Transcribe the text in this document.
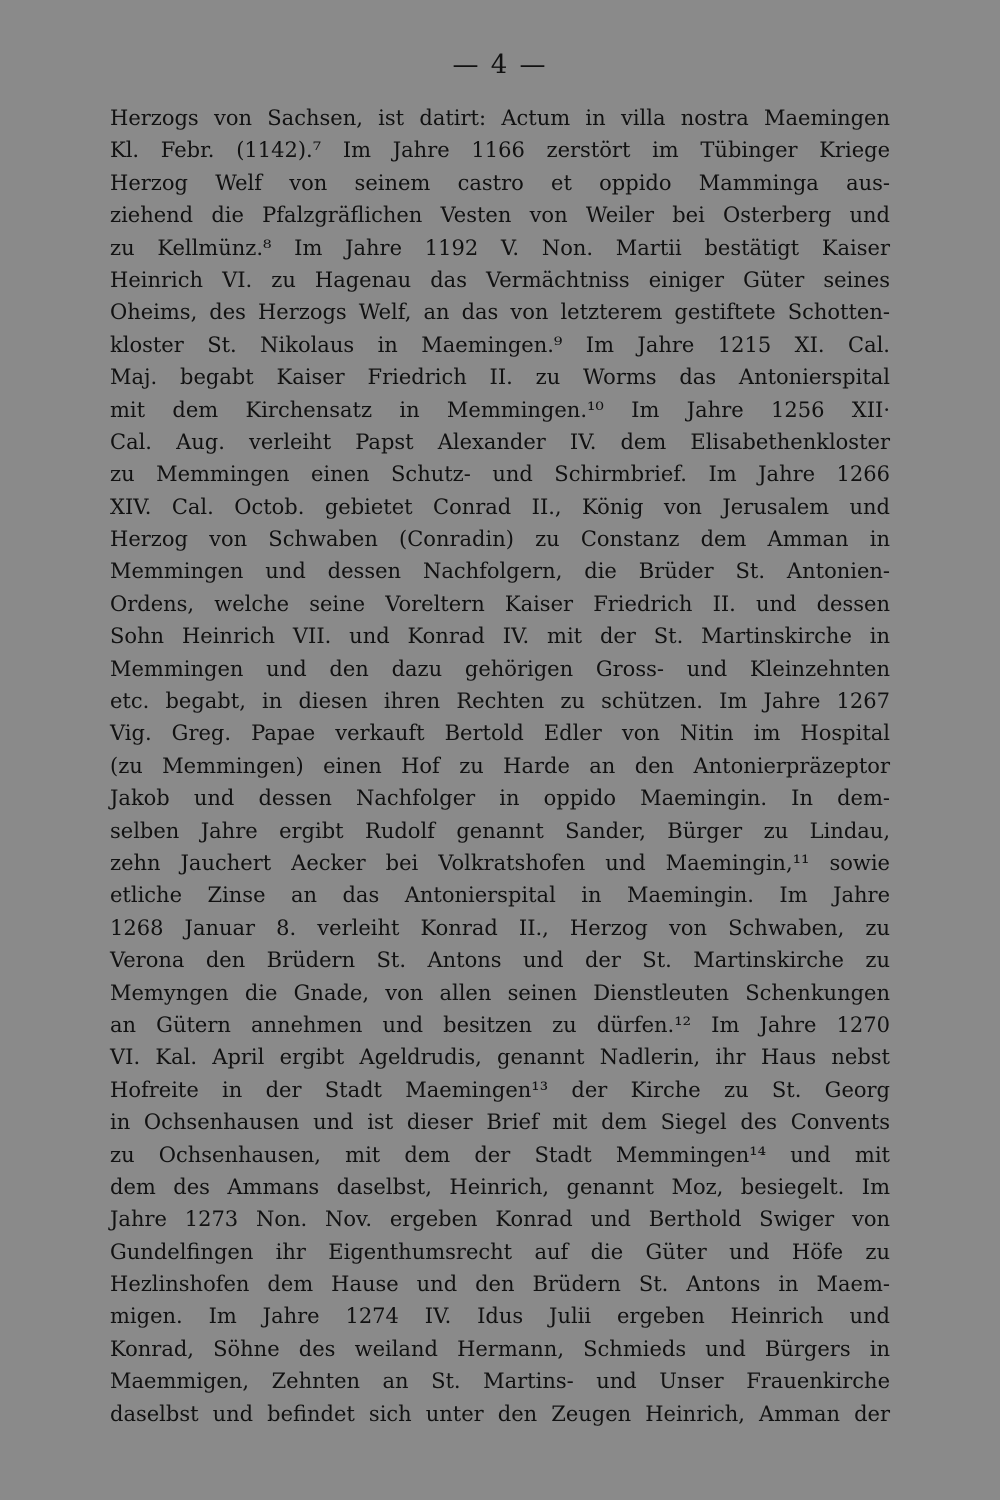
— 4 —
Herzogs von Sachsen, ist datirt: Actum in villa nostra Maemingen
Kl. Febr. (1142).⁷ Im Jahre 1166 zerstört im Tübinger Kriege
Herzog Welf von seinem castro et oppido Mamminga aus-
ziehend die Pfalzgräflichen Vesten von Weiler bei Osterberg und
zu Kellmünz.⁸ Im Jahre 1192 V. Non. Martii bestätigt Kaiser
Heinrich VI. zu Hagenau das Vermächtniss einiger Güter seines
Oheims, des Herzogs Welf, an das von letzterem gestiftete Schotten-
kloster St. Nikolaus in Maemingen.⁹ Im Jahre 1215 XI. Cal.
Maj. begabt Kaiser Friedrich II. zu Worms das Antonierspital
mit dem Kirchensatz in Memmingen.¹⁰ Im Jahre 1256 XII·
Cal. Aug. verleiht Papst Alexander IV. dem Elisabethenkloster
zu Memmingen einen Schutz- und Schirmbrief. Im Jahre 1266
XIV. Cal. Octob. gebietet Conrad II., König von Jerusalem und
Herzog von Schwaben (Conradin) zu Constanz dem Amman in
Memmingen und dessen Nachfolgern, die Brüder St. Antonien-
Ordens, welche seine Voreltern Kaiser Friedrich II. und dessen
Sohn Heinrich VII. und Konrad IV. mit der St. Martinskirche in
Memmingen und den dazu gehörigen Gross- und Kleinzehnten
etc. begabt, in diesen ihren Rechten zu schützen. Im Jahre 1267
Vig. Greg. Papae verkauft Bertold Edler von Nitin im Hospital
(zu Memmingen) einen Hof zu Harde an den Antonierpräzeptor
Jakob und dessen Nachfolger in oppido Maemingin. In dem-
selben Jahre ergibt Rudolf genannt Sander, Bürger zu Lindau,
zehn Jauchert Aecker bei Volkratshofen und Maemingin,¹¹ sowie
etliche Zinse an das Antonierspital in Maemingin. Im Jahre
1268 Januar 8. verleiht Konrad II., Herzog von Schwaben, zu
Verona den Brüdern St. Antons und der St. Martinskirche zu
Memyngen die Gnade, von allen seinen Dienstleuten Schenkungen
an Gütern annehmen und besitzen zu dürfen.¹² Im Jahre 1270
VI. Kal. April ergibt Ageldrudis, genannt Nadlerin, ihr Haus nebst
Hofreite in der Stadt Maemingen¹³ der Kirche zu St. Georg
in Ochsenhausen und ist dieser Brief mit dem Siegel des Convents
zu Ochsenhausen, mit dem der Stadt Memmingen¹⁴ und mit
dem des Ammans daselbst, Heinrich, genannt Moz, besiegelt. Im
Jahre 1273 Non. Nov. ergeben Konrad und Berthold Swiger von
Gundelfingen ihr Eigenthumsrecht auf die Güter und Höfe zu
Hezlinshofen dem Hause und den Brüdern St. Antons in Maem-
migen. Im Jahre 1274 IV. Idus Julii ergeben Heinrich und
Konrad, Söhne des weiland Hermann, Schmieds und Bürgers in
Maemmigen, Zehnten an St. Martins- und Unser Frauenkirche
daselbst und befindet sich unter den Zeugen Heinrich, Amman der
